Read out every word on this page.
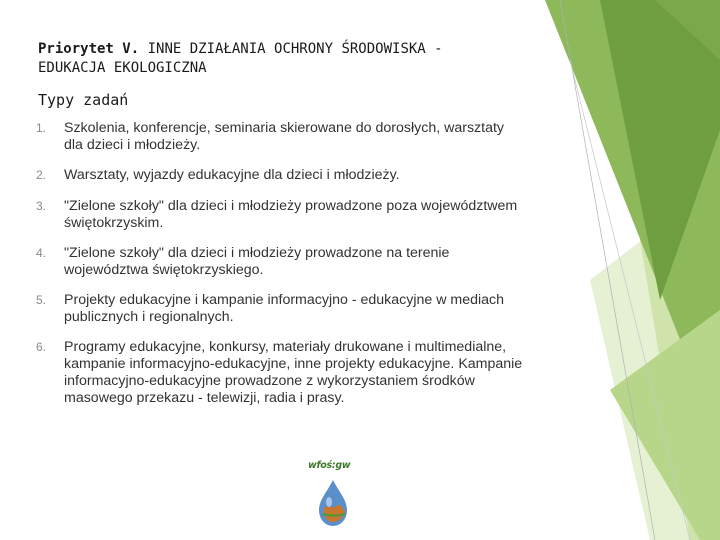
Priorytet V. INNE DZIAŁANIA OCHRONY ŚRODOWISKA - EDUKACJA EKOLOGICZNA
Typy zadań
1.	Szkolenia, konferencje, seminaria skierowane do dorosłych, warsztaty dla dzieci i młodzieży.
2.	Warsztaty, wyjazdy edukacyjne dla dzieci i młodzieży.
3.	"Zielone szkoły" dla dzieci i młodzieży prowadzone poza województwem świętokrzyskim.
4.	"Zielone szkoły" dla dzieci i młodzieży prowadzone na terenie województwa świętokrzyskiego.
5.	Projekty edukacyjne i kampanie informacyjno - edukacyjne w mediach publicznych i regionalnych.
6.	Programy edukacyjne, konkursy, materiały drukowane i multimedialne, kampanie informacyjno-edukacyjne, inne projekty edukacyjne. Kampanie informacyjno-edukacyjne prowadzone z wykorzystaniem środków masowego przekazu - telewizji, radia i prasy.
wfoś:gw
